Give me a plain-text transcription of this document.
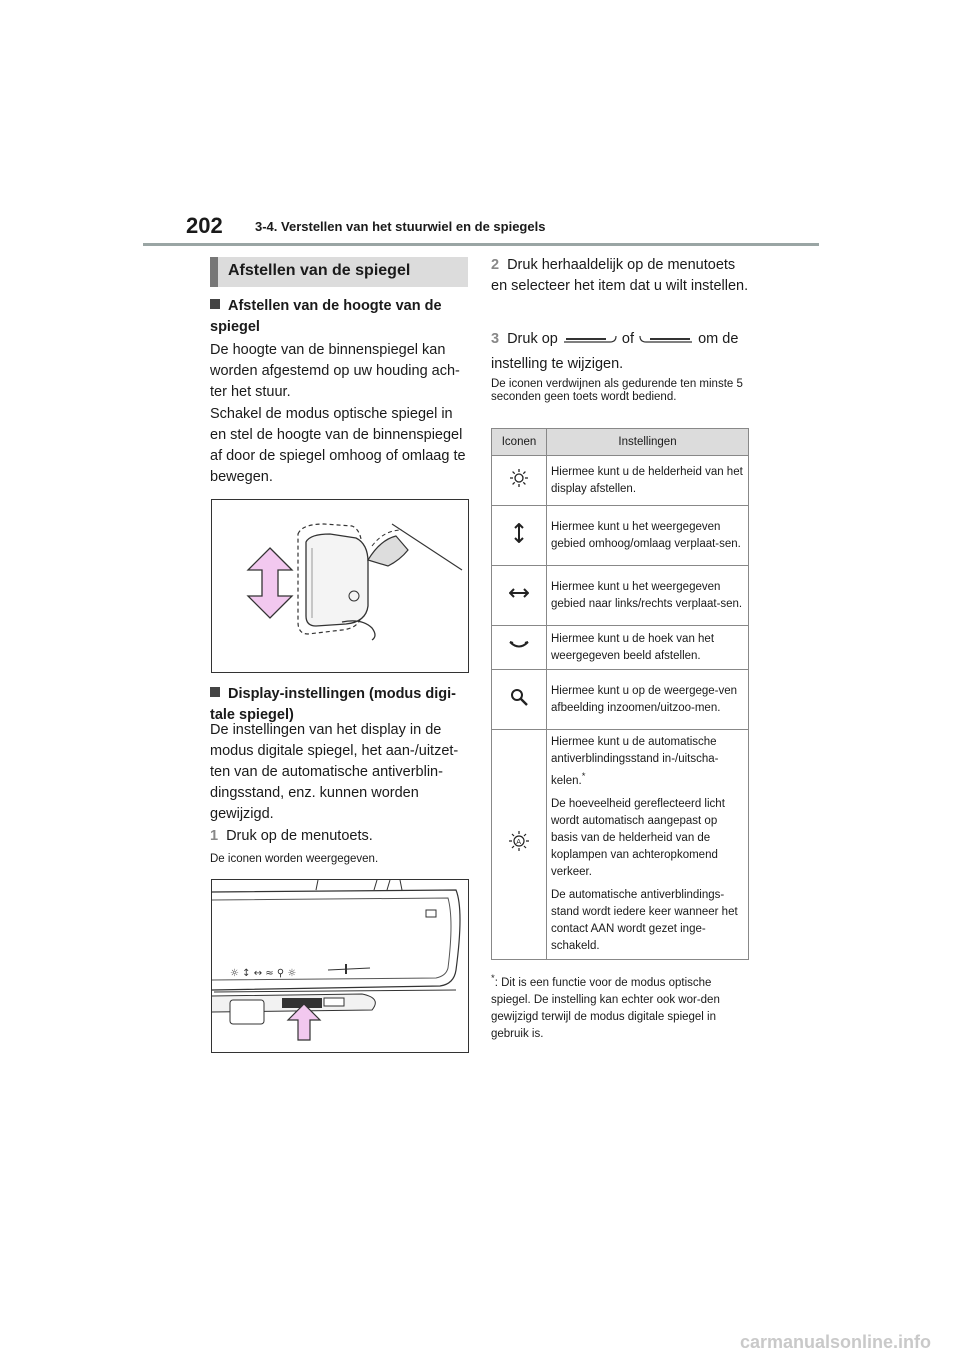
202 3-4. Verstellen van het stuurwiel en de spiegels
Afstellen van de spiegel
Afstellen van de hoogte van de spiegel
De hoogte van de binnenspiegel kan worden afgestemd op uw houding ach-ter het stuur.
Schakel de modus optische spiegel in en stel de hoogte van de binnenspiegel af door de spiegel omhoog of omlaag te bewegen.
Display-instellingen (modus digi-tale spiegel)
De instellingen van het display in de modus digitale spiegel, het aan-/uitzet-ten van de automatische antiverblin-dingsstand, enz. kunnen worden gewijzigd.
1 Druk op de menutoets.
De iconen worden weergegeven.
☼ ↕ ↔ ≈ ⚲ ☼
2 Druk herhaaldelijk op de menutoets en selecteer het item dat u wilt instellen.
3 Druk op	of	om de instelling te wijzigen.
De iconen verdwijnen als gedurende ten minste 5 seconden geen toets wordt bediend.
Iconen	Instellingen
	Hiermee kunt u de helderheid van het display afstellen.
	Hiermee kunt u het weergegeven gebied omhoog/omlaag verplaat-sen.
	Hiermee kunt u het weergegeven gebied naar links/rechts verplaat-sen.
	Hiermee kunt u de hoek van het weergegeven beeld afstellen.
	Hiermee kunt u op de weergege-ven afbeelding inzoomen/uitzoo-men.

A	Hiermee kunt u de automatische antiverblindingsstand in-/uitscha-kelen.*

De hoeveelheid gereflecteerd licht wordt automatisch aangepast op basis van de helderheid van de koplampen van achteropkomend verkeer.

De automatische antiverblindings-stand wordt iedere keer wanneer het contact AAN wordt gezet inge-schakeld.

*: Dit is een functie voor de modus optische spiegel. De instelling kan echter ook wor-den gewijzigd terwijl de modus digitale spiegel in gebruik is.
carmanualsonline.info
